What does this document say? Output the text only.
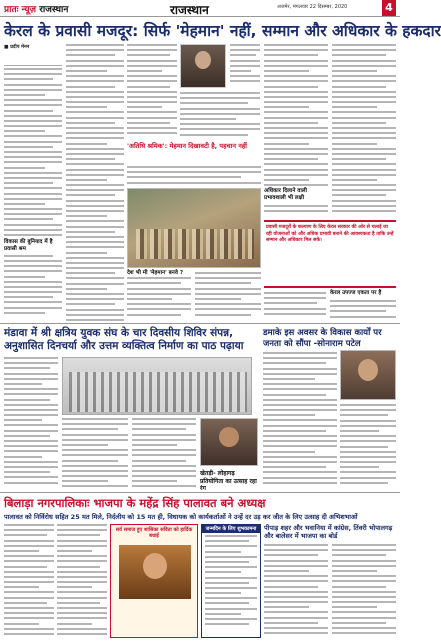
प्रातः न्यूज़ राजस्थान	राजस्थान	अजमेर, मंगलवार 22 दिसम्बर, 2020	4
केरल के प्रवासी मजदूर: सिर्फ 'मेहमान' नहीं, सम्मान और अधिकार के हकदार
■ प्रदीप मेनन
विकास की बुनियाद में है प्रवासी श्रम
'अतिथि श्रमिक': मेहमान दिखावटी है, पहचान नहीं
देश भी मी 'मेहमान' बनवे ?
अधिकार दिलाने वाली प्रभावशाली भी लक्षी
प्रवासी मजदूरों के कल्याण के लिए केरल सरकार की ओर से चलाई जा रही योजनाओं को और अधिक प्रभावी बनाने की आवश्यकता है ताकि उन्हें सम्मान और अधिकार मिल सके।
केरल उपज्ज एकता पर है
मंडावा में श्री क्षत्रिय युवक संघ के चार दिवसीय शिविर संपन्न, अनुशासित दिनचर्या और उत्तम व्यक्तित्व निर्माण का पाठ पढ़ाया
डमाके इस अवसर के विकास कार्यों पर जनता को सौंपा -सोनाराम पटेल
खेतड़ी- लोहागढ़ प्रतियोगिता का उत्साह रहा रंग
बिलाड़ा नगरपालिकाः भाजपा के महेंद्र सिंह पालावत बने अध्यक्ष
पालावत को निर्विरोध सहित 25 मत मिले, निर्दलीय को 15 मत ही, विधायक को कार्यकर्ताओं ने उन्हें दर उड़ कर जीत के लिए उत्साह दी अभिशभाओं
सर्व समाज हुए शासिका सविता को हार्दिक बधाई
जन्मदिन के लिए शुभकामना	पीपाड़ शहर और भवानिया में कांग्रेस, तिंवरी भोपालगढ़ और बालेसर में भाजपा का बोर्ड
